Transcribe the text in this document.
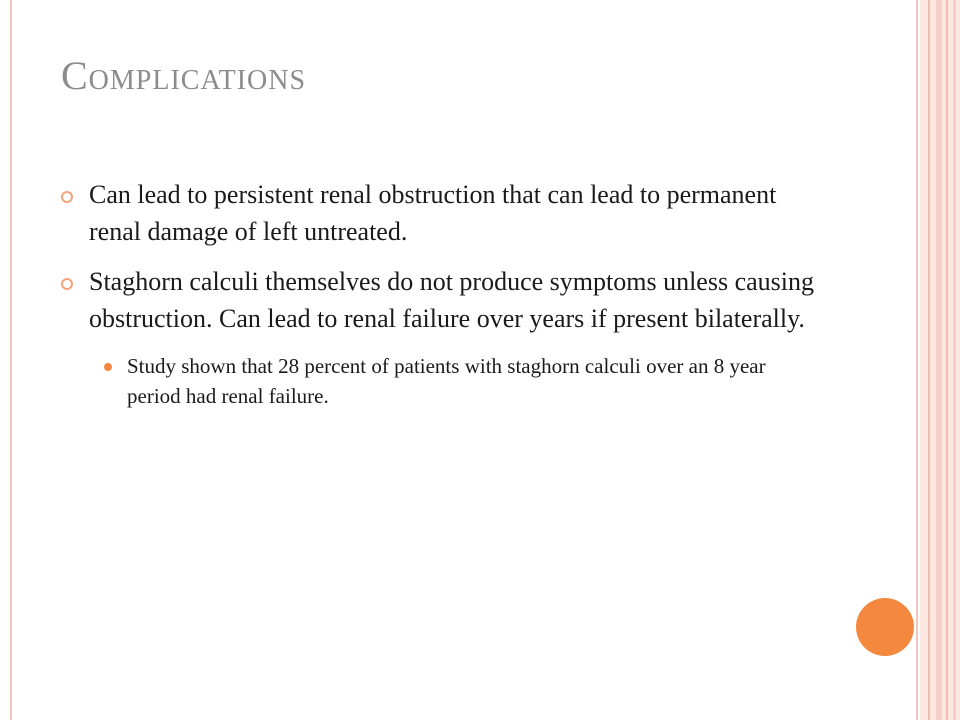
Complications
Can lead to persistent renal obstruction that can lead to permanent renal damage of left untreated.
Staghorn calculi themselves do not produce symptoms unless causing obstruction. Can lead to renal failure over years if present bilaterally.
Study shown that 28 percent of patients with staghorn calculi over an 8 year period had renal failure.
